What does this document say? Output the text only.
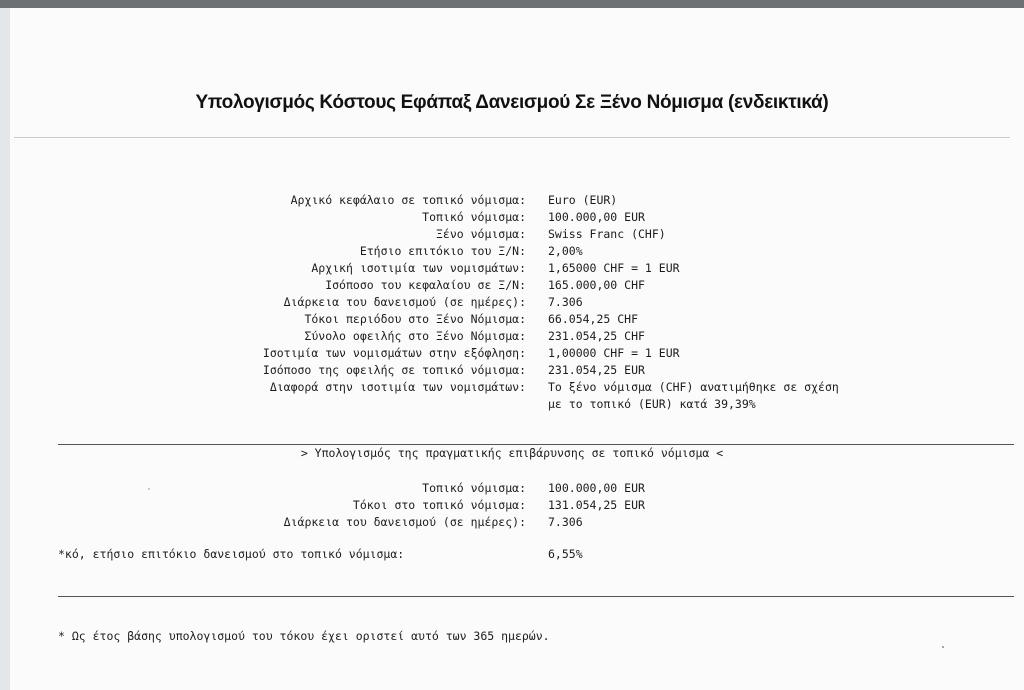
Υπολογισμός Κόστους Εφάπαξ Δανεισμού Σε Ξένο Νόμισμα (ενδεικτικά)
Αρχικό κεφάλαιο σε τοπικό νόμισμα: Euro (EUR)
Τοπικό νόμισμα: 100.000,00 EUR
Ξένο νόμισμα: Swiss Franc (CHF)
Ετήσιο επιτόκιο του Ξ/Ν: 2,00%
Αρχική ισοτιμία των νομισμάτων: 1,65000 CHF = 1 EUR
Ισόποσο του κεφαλαίου σε Ξ/Ν: 165.000,00 CHF
Διάρκεια του δανεισμού (σε ημέρες): 7.306
Τόκοι περιόδου στο Ξένο Νόμισμα: 66.054,25 CHF
Σύνολο οφειλής στο Ξένο Νόμισμα: 231.054,25 CHF
Ισοτιμία των νομισμάτων στην εξόφληση: 1,00000 CHF = 1 EUR
Ισόποσο της οφειλής σε τοπικό νόμισμα: 231.054,25 EUR
Διαφορά στην ισοτιμία των νομισμάτων: Το ξένο νόμισμα (CHF) ανατιμήθηκε σε σχέση
με το τοπικό (EUR) κατά 39,39%
> Υπολογισμός της πραγματικής επιβάρυνσης σε τοπικό νόμισμα <
Τοπικό νόμισμα: 100.000,00 EUR
Τόκοι στο τοπικό νόμισμα: 131.054,25 EUR
Διάρκεια του δανεισμού (σε ημέρες): 7.306
*κό, ετήσιο επιτόκιο δανεισμού στο τοπικό νόμισμα:	6,55%
* Ως έτος βάσης υπολογισμού του τόκου έχει οριστεί αυτό των 365 ημερών.
